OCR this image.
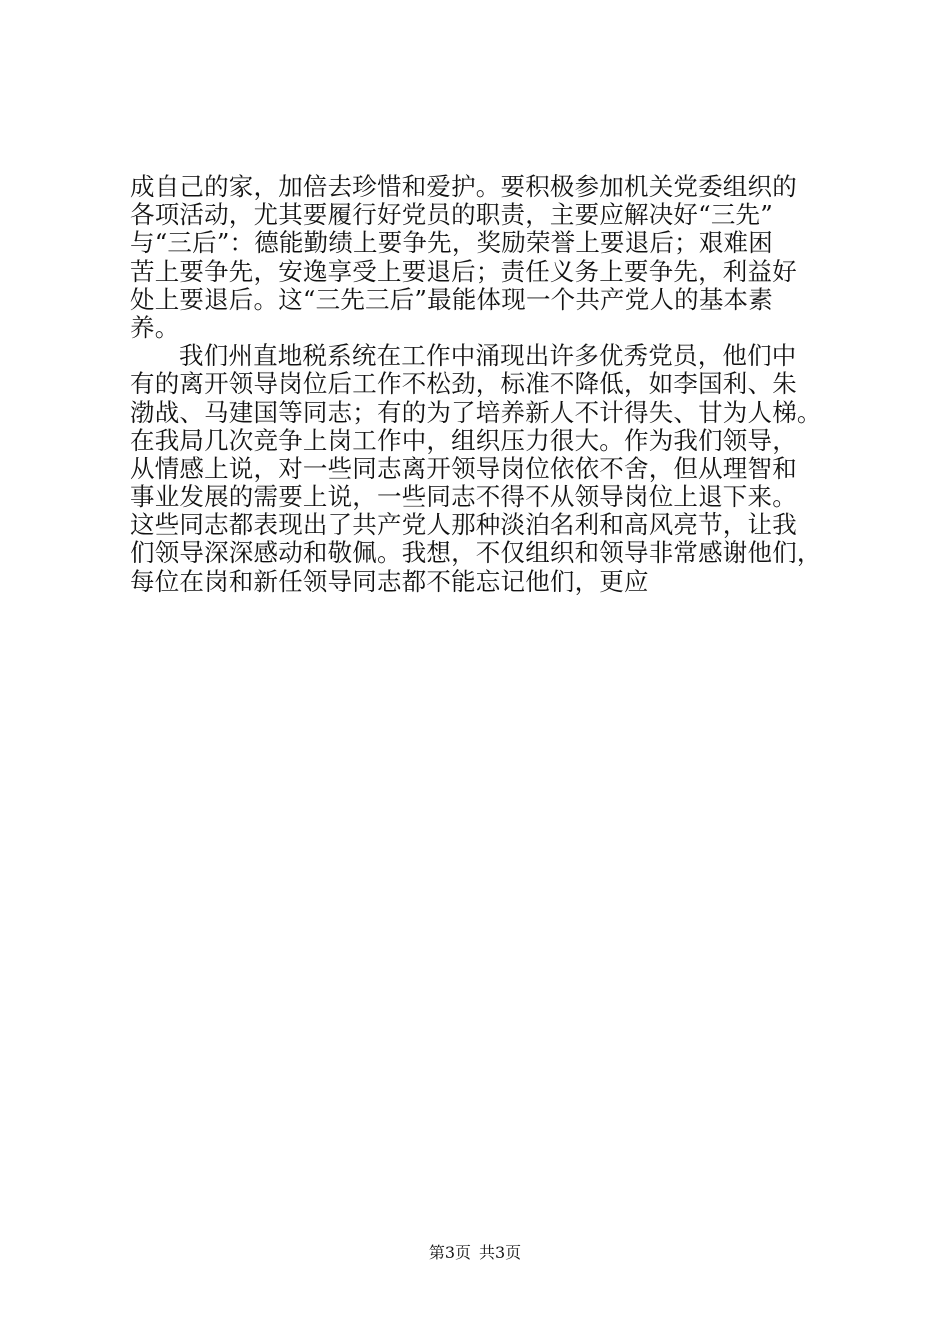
成自己的家，加倍去珍惜和爱护。要积极参加机关党委组织的
各项活动，尤其要履行好党员的职责，主要应解决好“三先”
与“三后”：德能勤绩上要争先，奖励荣誉上要退后；艰难困
苦上要争先，安逸享受上要退后；责任义务上要争先，利益好
处上要退后。这“三先三后”最能体现一个共产党人的基本素
养。
我们州直地税系统在工作中涌现出许多优秀党员，他们中
有的离开领导岗位后工作不松劲，标准不降低，如李国利、朱
渤战、马建国等同志；有的为了培养新人不计得失、甘为人梯。
在我局几次竞争上岗工作中，组织压力很大。作为我们领导，
从情感上说，对一些同志离开领导岗位依依不舍，但从理智和
事业发展的需要上说，一些同志不得不从领导岗位上退下来。
这些同志都表现出了共产党人那种淡泊名利和高风亮节，让我
们领导深深感动和敬佩。我想，不仅组织和领导非常感谢他们，
每位在岗和新任领导同志都不能忘记他们，更应
第3页 共3页
